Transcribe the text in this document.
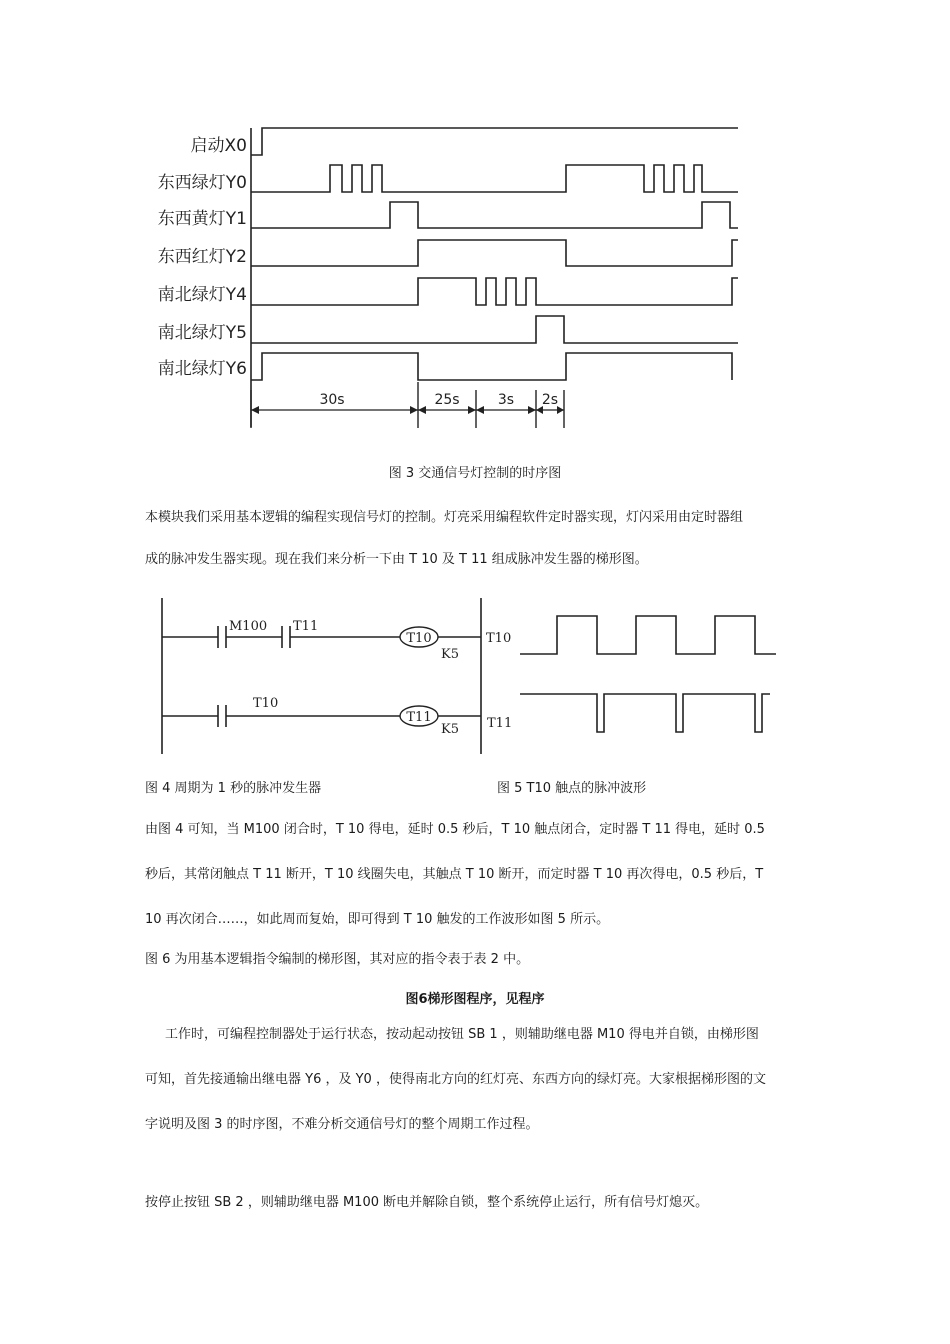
启动X0
东西绿灯Y0
东西黄灯Y1
东西红灯Y2
南北绿灯Y4
南北绿灯Y5
南北绿灯Y6
30s	25s	3s 2s

图 3 交通信号灯控制的时序图

本模块我们采用基本逻辑的编程实现信号灯的控制。灯亮采用编程软件定时器实现，灯闪采用由定时器组

成的脉冲发生器实现。现在我们来分析一下由 T 10 及 T 11 组成脉冲发生器的梯形图。

M100 T11
T10
K5
T10
T11
K5
T10
T11

图 4 周期为 1 秒的脉冲发生器	图 5 T10 触点的脉冲波形

由图 4 可知，当 M100 闭合时，T 10 得电，延时 0.5 秒后，T 10 触点闭合，定时器 T 11 得电，延时 0.5

秒后，其常闭触点 T 11 断开，T 10 线圈失电，其触点 T 10 断开，而定时器 T 10 再次得电，0.5 秒后，T

10 再次闭合……，如此周而复始，即可得到 T 10 触发的工作波形如图 5 所示。

图 6 为用基本逻辑指令编制的梯形图，其对应的指令表于表 2 中。

图6梯形图程序，见程序

工作时，可编程控制器处于运行状态，按动起动按钮 SB 1 ，则辅助继电器 M10 得电并自锁，由梯形图

可知，首先接通输出继电器 Y6 ，及 Y0 ，使得南北方向的红灯亮、东西方向的绿灯亮。大家根据梯形图的文

字说明及图 3 的时序图，不难分析交通信号灯的整个周期工作过程。

按停止按钮 SB 2 ，则辅助继电器 M100 断电并解除自锁，整个系统停止运行，所有信号灯熄灭。
